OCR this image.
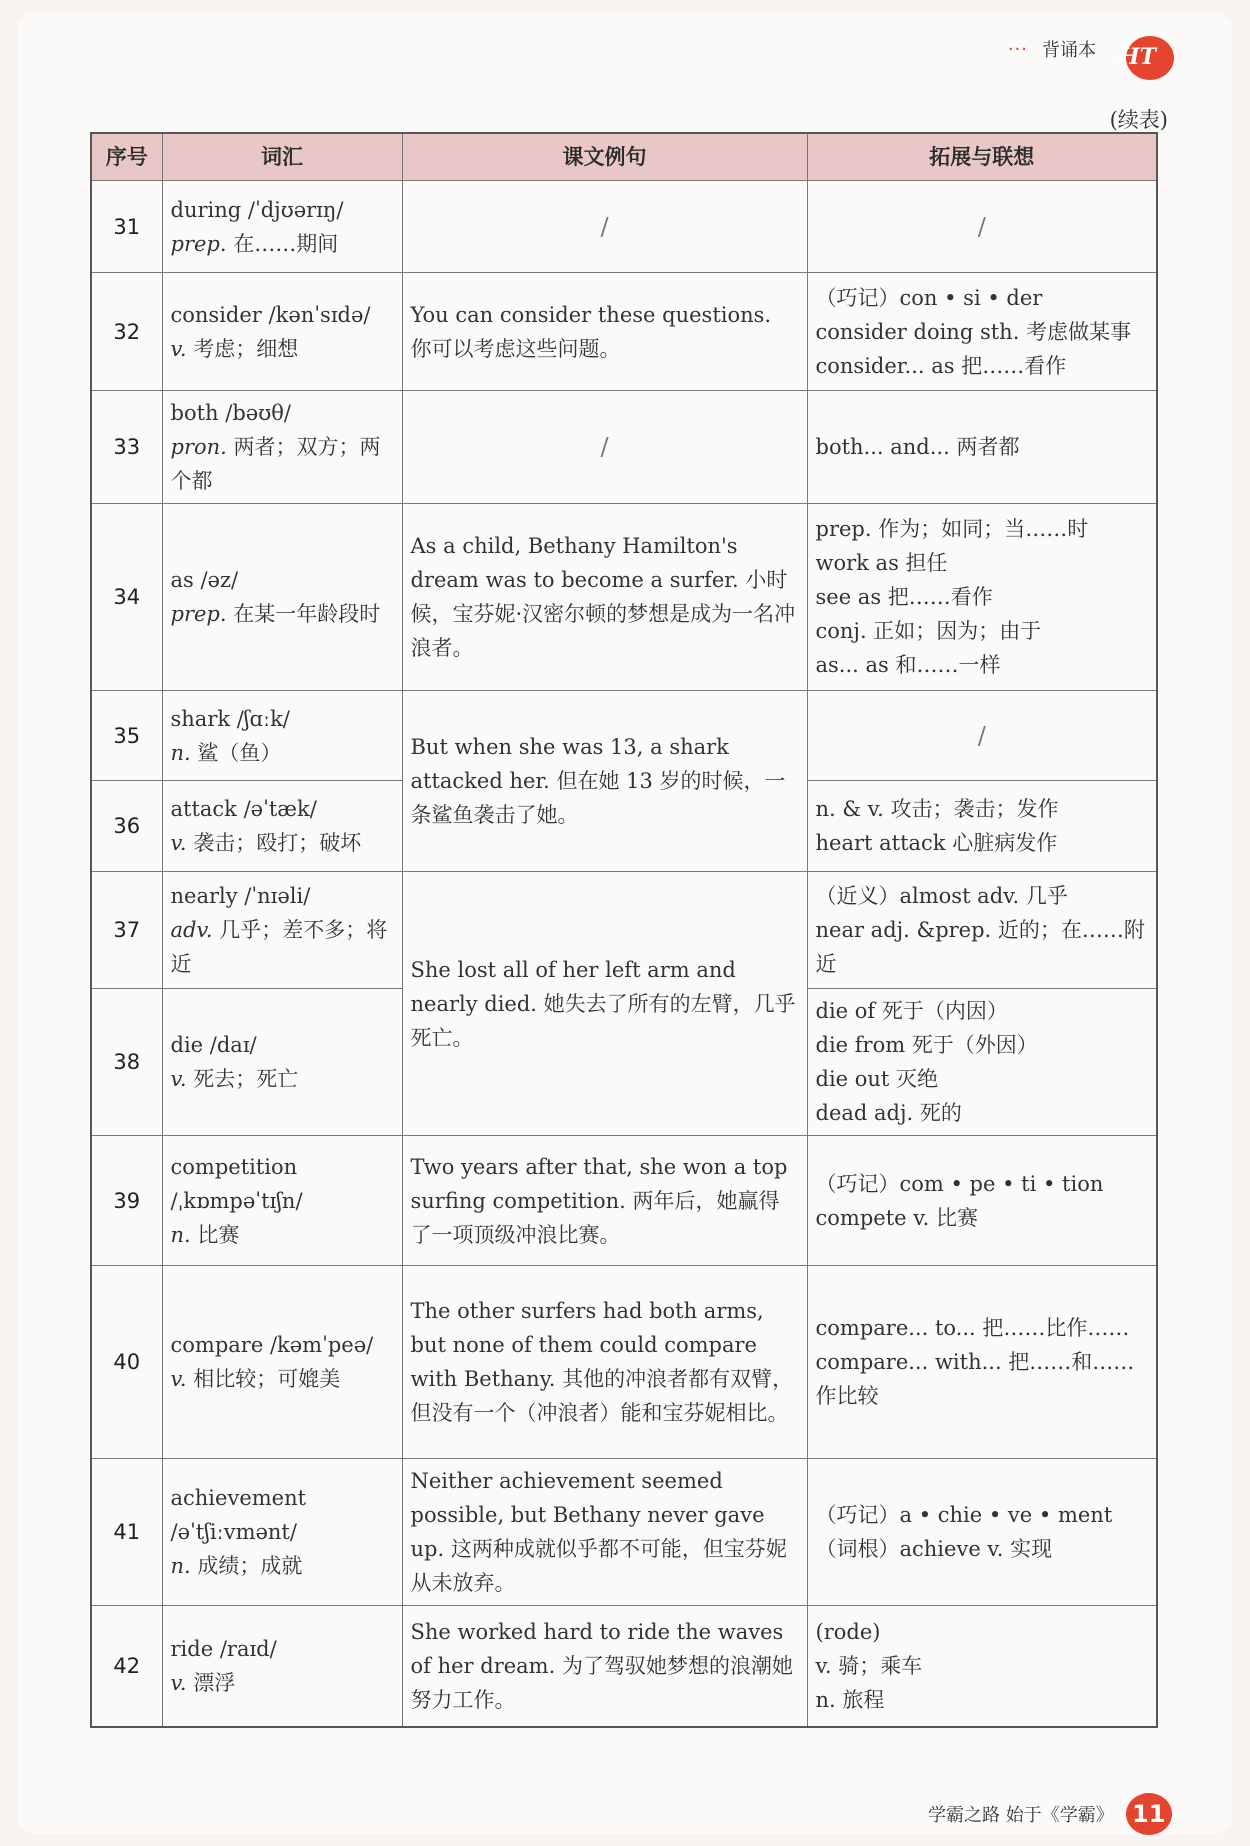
··· 背诵本 HT
(续表)
序号	词汇	课文例句	拓展与联想
31	during /ˈdjʊərɪŋ/
prep. 在……期间	/	/
32	consider /kənˈsɪdə/
v. 考虑；细想	You can consider these questions. 你可以考虑这些问题。	（巧记）con • si • der
consider doing sth. 考虑做某事
consider... as 把……看作

33	both /bəʊθ/
pron. 两者；双方；两个都	/	both... and... 两者都

34	as /əz/
prep. 在某一年龄段时	As a child, Bethany Hamilton's dream was to become a surfer. 小时候，宝芬妮·汉密尔顿的梦想是成为一名冲浪者。	prep. 作为；如同；当……时
work as 担任
see as 把……看作
conj. 正如；因为；由于
as... as 和……一样

35	shark /ʃɑːk/
n. 鲨（鱼）	But when she was 13, a shark attacked her. 但在她 13 岁的时候，一条鲨鱼袭击了她。	/
36	attack /əˈtæk/
v. 袭击；殴打；破坏		n. & v. 攻击；袭击；发作
heart attack 心脏病发作

37	nearly /ˈnɪəli/
adv. 几乎；差不多；将近	She lost all of her left arm and nearly died. 她失去了所有的左臂，几乎死亡。	（近义）almost adv. 几乎
near adj. &prep. 近的；在……附近

38	die /daɪ/
v. 死去；死亡		die of 死于（内因）
die from 死于（外因）
die out 灭绝
dead adj. 死的

39	competition
/ˌkɒmpəˈtɪʃn/
n. 比赛	Two years after that, she won a top surfing competition. 两年后，她赢得了一项顶级冲浪比赛。	（巧记）com • pe • ti • tion
compete v. 比赛

40	compare /kəmˈpeə/
v. 相比较；可媲美	The other surfers had both arms, but none of them could compare with Bethany. 其他的冲浪者都有双臂，但没有一个（冲浪者）能和宝芬妮相比。	compare... to... 把……比作……
compare... with... 把……和……作比较

41	achievement
/əˈtʃiːvmənt/
n. 成绩；成就	Neither achievement seemed possible, but Bethany never gave up. 这两种成就似乎都不可能，但宝芬妮从未放弃。	（巧记）a • chie • ve • ment
（词根）achieve v. 实现

42	ride /raɪd/
v. 漂浮	She worked hard to ride the waves of her dream. 为了驾驭她梦想的浪潮她努力工作。	(rode)
v. 骑；乘车
n. 旅程
学霸之路 始于《学霸》 11
